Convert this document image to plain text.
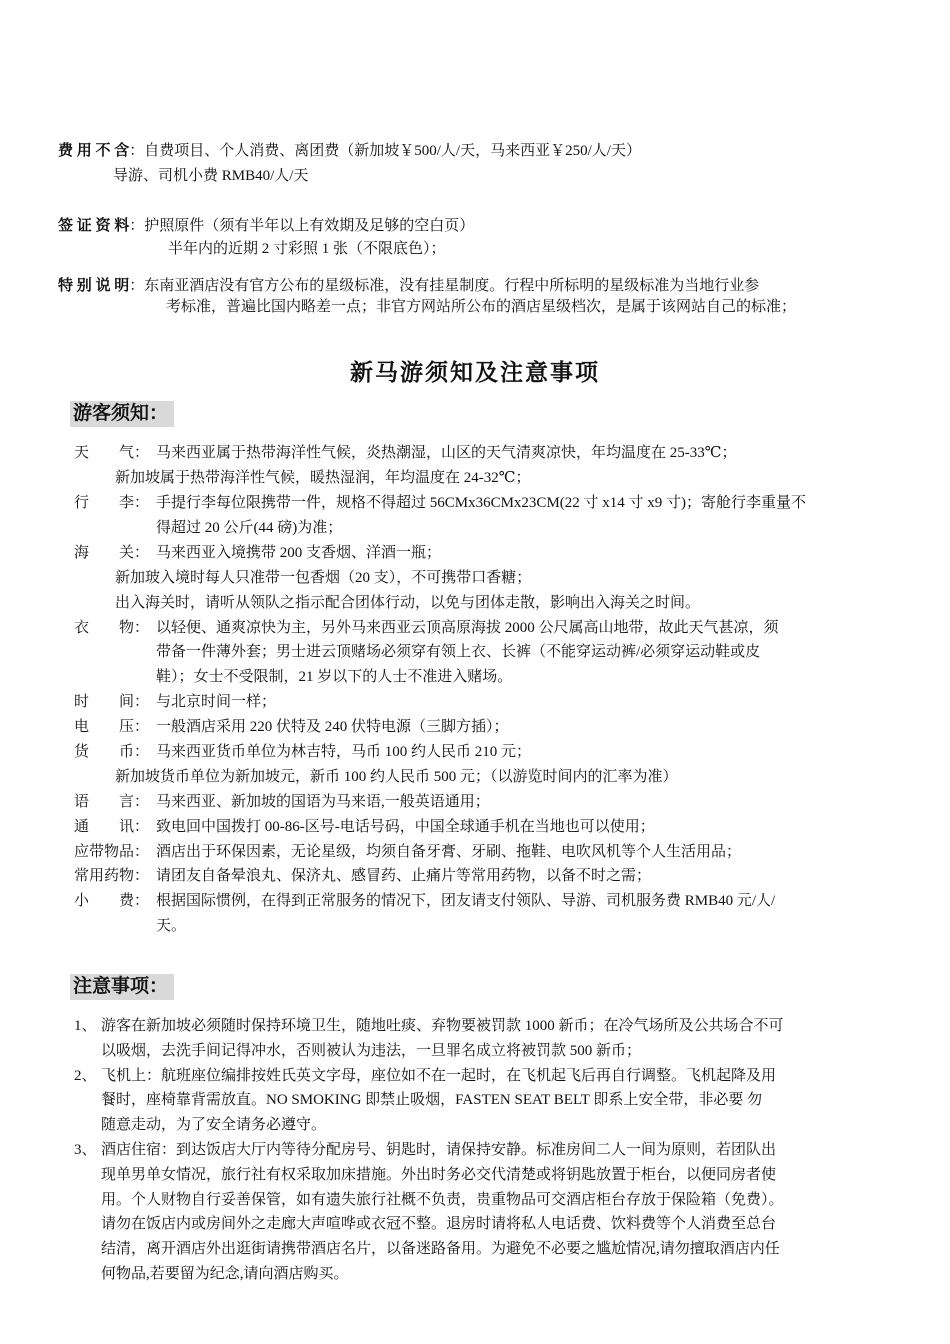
费 用 不 含：自费项目、个人消费、离团费（新加坡￥500/人/天，马来西亚￥250/人/天）
导游、司机小费 RMB40/人/天
签 证 资 料：护照原件（须有半年以上有效期及足够的空白页）
半年内的近期 2 寸彩照 1 张（不限底色）；
特 别 说 明：东南亚酒店没有官方公布的星级标准，没有挂星制度。行程中所标明的星级标准为当地行业参
考标准，普遍比国内略差一点；非官方网站所公布的酒店星级档次，是属于该网站自己的标准；
新马游须知及注意事项
游客须知：
天　　气： 马来西亚属于热带海洋性气候，炎热潮湿，山区的天气清爽凉快，年均温度在 25-33℃；
新加坡属于热带海洋性气候，暖热湿润，年均温度在 24-32℃；
行　　李： 手提行李每位限携带一件，规格不得超过 56CMx36CMx23CM(22 寸 x14 寸 x9 寸)；寄舱行李重量不
得超过 20 公斤(44 磅)为准；
海　　关： 马来西亚入境携带 200 支香烟、洋酒一瓶；
新加玻入境时每人只准带一包香烟（20 支），不可携带口香糖；
出入海关时，请听从领队之指示配合团体行动，以免与团体走散，影响出入海关之时间。
衣　　物： 以轻便、通爽凉快为主，另外马来西亚云顶高原海拔 2000 公尺属高山地带，故此天气甚凉，须
带备一件薄外套；男士进云顶赌场必须穿有领上衣、长裤（不能穿运动裤/必须穿运动鞋或皮
鞋）；女士不受限制，21 岁以下的人士不准进入赌场。
时　　间： 与北京时间一样；
电　　压： 一般酒店采用 220 伏特及 240 伏特电源（三脚方插）；
货　　币： 马来西亚货币单位为林吉特，马币 100 约人民币 210 元；
新加坡货币单位为新加坡元，新币 100 约人民币 500 元；（以游览时间内的汇率为准）
语　　言： 马来西亚、新加坡的国语为马来语,一般英语通用；
通　　讯： 致电回中国拨打 00-86-区号-电话号码，中国全球通手机在当地也可以使用；
应带物品： 酒店出于环保因素，无论星级，均须自备牙膏、牙刷、拖鞋、电吹风机等个人生活用品；
常用药物： 请团友自备晕浪丸、保济丸、感冒药、止痛片等常用药物，以备不时之需；
小　　费： 根据国际惯例，在得到正常服务的情况下，团友请支付领队、导游、司机服务费 RMB40 元/人/
天。
注意事项：
1、 游客在新加坡必须随时保持环境卫生，随地吐痰、弃物要被罚款 1000 新币；在冷气场所及公共场合不可
以吸烟，去洗手间记得冲水，否则被认为违法，一旦罪名成立将被罚款 500 新币；
2、 飞机上：航班座位编排按姓氏英文字母，座位如不在一起时，在飞机起飞后再自行调整。飞机起降及用
餐时，座椅靠背需放直。NO SMOKING 即禁止吸烟，FASTEN SEAT BELT 即系上安全带，非必要 勿
随意走动，为了安全请务必遵守。
3、 酒店住宿：到达饭店大厅内等待分配房号、钥匙时，请保持安静。标准房间二人一间为原则，若团队出
现单男单女情况，旅行社有权采取加床措施。外出时务必交代清楚或将钥匙放置于柜台，以便同房者使
用。个人财物自行妥善保管，如有遗失旅行社概不负责，贵重物品可交酒店柜台存放于保险箱（免费）。
请勿在饭店内或房间外之走廊大声喧哗或衣冠不整。退房时请将私人电话费、饮料费等个人消费至总台
结清，离开酒店外出逛街请携带酒店名片，以备迷路备用。为避免不必要之尴尬情况,请勿擅取酒店内任
何物品,若要留为纪念,请向酒店购买。
